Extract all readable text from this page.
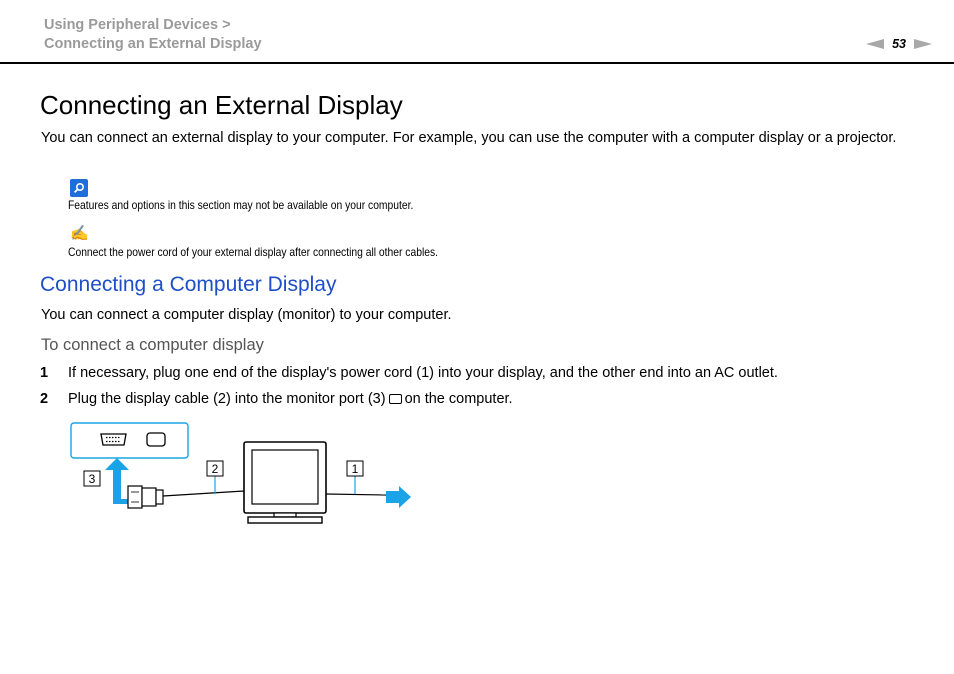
Using Peripheral Devices >
Connecting an External Display	53
Connecting an External Display

You can connect an external display to your computer. For example, you can use the computer with a computer display or a projector.

Features and options in this section may not be available on your computer.
✍
Connect the power cord of your external display after connecting all other cables.
Connecting a Computer Display

You can connect a computer display (monitor) to your computer.

To connect a computer display
1 If necessary, plug one end of the display's power cord (1) into your display, and the other end into an AC outlet.
2 Plug the display cable (2) into the monitor port (3) on the computer.
3
2	1
